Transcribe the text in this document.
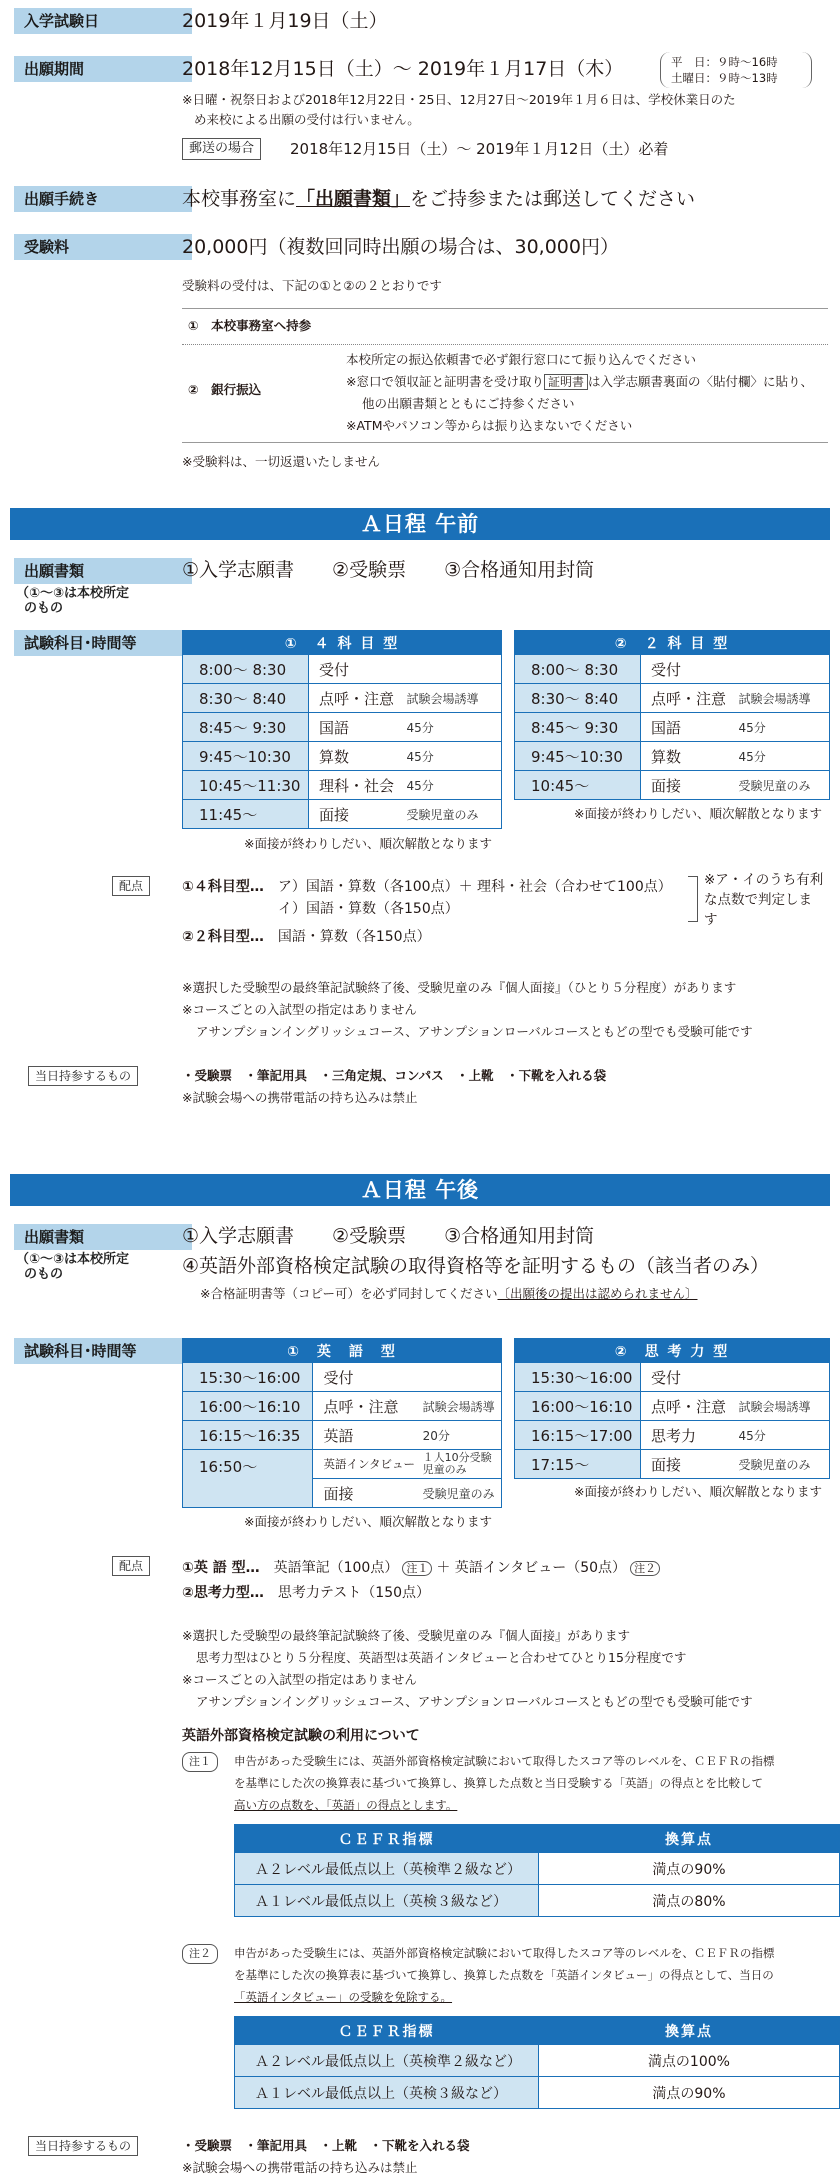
入学試験日	2019年１月19日（土）
出願期間	2018年12月15日（土）～ 2019年１月17日（木）	平　日：９時～16時
土曜日：９時～13時
※日曜・祝祭日および2018年12月22日・25日、12月27日～2019年１月６日は、学校休業日のた
め来校による出願の受付は行いません。
郵送の場合	2018年12月15日（土）～ 2019年１月12日（土）必着
出願手続き	本校事務室に「出願書類」をご持参または郵送してください
受験料	20,000円（複数回同時出願の場合は、30,000円）
受験料の受付は、下記の①と②の２とおりです
①　本校事務室へ持参
②　銀行振込
本校所定の振込依頼書で必ず銀行窓口にて振り込んでください
※窓口で領収証と証明書を受け取り 証明書 は入学志願書裏面の〈貼付欄〉に貼り、
他の出願書類とともにご持参ください
※ATMやパソコン等からは振り込まないでください
※受験料は、一切返還いたしません
Ａ日程 午前
出願書類
（①～③は本校所定
のもの
①入学志願書　　②受験票　　③合格通知用封筒
試験科目･時間等	①　４ 科 目 型		
8:00～ 8:30	受付	
8:30～ 8:40	点呼・注意	試験会場誘導
8:45～ 9:30	国語	45分
9:45～10:30	算数	45分
10:45～11:30	理科・社会	45分
11:45～	面接	受験児童のみ
※面接が終わりしだい、順次解散となります
②　２ 科 目 型		
8:00～ 8:30	受付	
8:30～ 8:40	点呼・注意	試験会場誘導
8:45～ 9:30	国語	45分
9:45～10:30	算数	45分
10:45～	面接	受験児童のみ
※面接が終わりしだい、順次解散となります
配点	①４科目型…　 ア）国語・算数（各100点）＋ 理科・社会（合わせて100点）
イ）国語・算数（各150点）
②２科目型…　 国語・算数（各150点）
※ア・イのうち有利
な点数で判定しま
す
※選択した受験型の最終筆記試験終了後、受験児童のみ『個人面接』（ひとり５分程度）があります
※コースごとの入試型の指定はありません
アサンプションイングリッシュコース、アサンプションローバルコースともどの型でも受験可能です
当日持参するもの	・受験票　・筆記用具　・三角定規、コンパス　・上靴　・下靴を入れる袋
※試験会場への携帯電話の持ち込みは禁止
Ａ日程 午後
出願書類
（①～③は本校所定
のもの
①入学志願書　　②受験票　　③合格通知用封筒
④英語外部資格検定試験の取得資格等を証明するもの（該当者のみ）
※合格証明書等（コピー可）を必ず同封してください〔出願後の提出は認められません〕
試験科目･時間等	①　英　語　型		
15:30～16:00	受付	
16:00～16:10	点呼・注意	試験会場誘導
16:15～16:35	英語	20分
16:50～	英語インタビュー	１人10分受験児童のみ
	面接	受験児童のみ
※面接が終わりしだい、順次解散となります
②　思 考 力 型		
15:30～16:00	受付	
16:00～16:10	点呼・注意	試験会場誘導
16:15～17:00	思考力	45分
17:15～	面接	受験児童のみ
※面接が終わりしだい、順次解散となります
配点	①英 語 型…　 英語筆記（100点） 注１ ＋ 英語インタビュー（50点） 注２
②思考力型…　 思考力テスト（150点）
※選択した受験型の最終筆記試験終了後、受験児童のみ『個人面接』があります
思考力型はひとり５分程度、英語型は英語インタビューと合わせてひとり15分程度です
※コースごとの入試型の指定はありません
アサンプションイングリッシュコース、アサンプションローバルコースともどの型でも受験可能です
英語外部資格検定試験の利用について
注１	申告があった受験生には、英語外部資格検定試験において取得したスコア等のレベルを、ＣＥＦＲの指標
を基準にした次の換算表に基づいて換算し、換算した点数と当日受験する「英語」の得点とを比較して
高い方の点数を、「英語」の得点とします。
ＣＥＦＲ指標	換算点
Ａ２レベル最低点以上（英検準２級など）	満点の90%
Ａ１レベル最低点以上（英検３級など）	満点の80%
注２	申告があった受験生には、英語外部資格検定試験において取得したスコア等のレベルを、ＣＥＦＲの指標
を基準にした次の換算表に基づいて換算し、換算した点数を「英語インタビュー」の得点として、当日の
「英語インタビュー」の受験を免除する。
ＣＥＦＲ指標	換算点
Ａ２レベル最低点以上（英検準２級など）	満点の100%
Ａ１レベル最低点以上（英検３級など）	満点の90%
当日持参するもの	・受験票　・筆記用具　・上靴　・下靴を入れる袋
※試験会場への携帯電話の持ち込みは禁止
